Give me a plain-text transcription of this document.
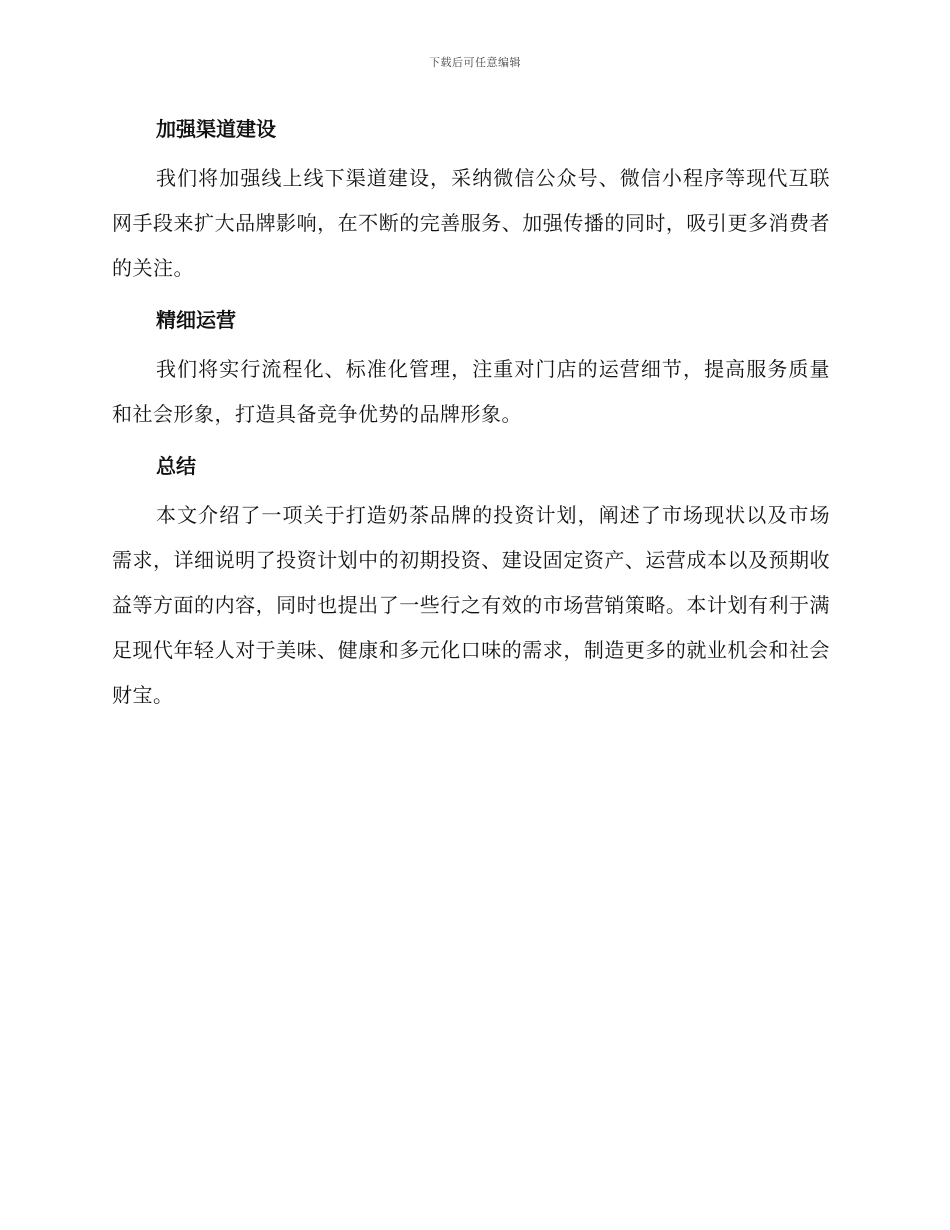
下载后可任意编辑
加强渠道建设

我们将加强线上线下渠道建设，采纳微信公众号、微信小程序等现代互联网手段来扩大品牌影响，在不断的完善服务、加强传播的同时，吸引更多消费者的关注。

精细运营

我们将实行流程化、标准化管理，注重对门店的运营细节，提高服务质量和社会形象，打造具备竞争优势的品牌形象。

总结

本文介绍了一项关于打造奶茶品牌的投资计划，阐述了市场现状以及市场需求，详细说明了投资计划中的初期投资、建设固定资产、运营成本以及预期收益等方面的内容，同时也提出了一些行之有效的市场营销策略。本计划有利于满足现代年轻人对于美味、健康和多元化口味的需求，制造更多的就业机会和社会财宝。
